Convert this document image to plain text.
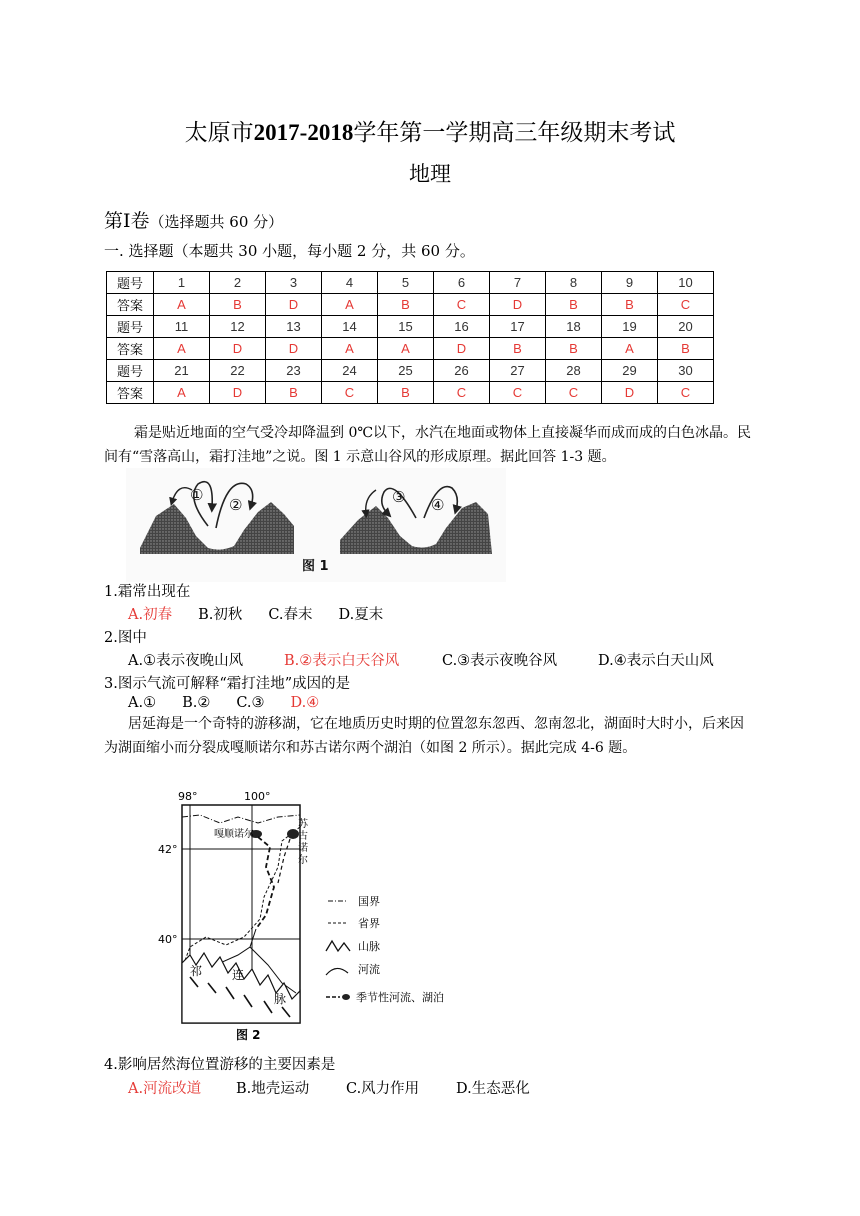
太原市2017-2018学年第一学期高三年级期末考试
地理
第Ⅰ卷（选择题共 60 分）
一. 选择题（本题共 30 小题，每小题 2 分，共 60 分。
题号	1	2	3	4	5	6	7	8	9	10
答案	A	B	D	A	B	C	D	B	B	C
题号	11	12	13	14	15	16	17	18	19	20
答案	A	D	D	A	A	D	B	B	A	B
题号	21	22	23	24	25	26	27	28	29	30
答案	A	D	B	C	B	C	C	C	D	C
霜是贴近地面的空气受冷却降温到 0℃以下，水汽在地面或物体上直接凝华而成而成的白色冰晶。民间有“雪落高山，霜打洼地”之说。图 1 示意山谷风的形成原理。据此回答 1-3 题。
①
②	③ ④
图 1
1.霜常出现在
A.初春 B.初秋 C.春末 D.夏末
2.图中
A.①表示夜晚山风	B.②表示白天谷风	C.③表示夜晚谷风	D.④表示白天山风
3.图示气流可解释“霜打洼地”成因的是
A.① B.② C.③ D.④
居延海是一个奇特的游移湖，它在地质历史时期的位置忽东忽西、忽南忽北，湖面时大时小，后来因为湖面缩小而分裂成嘎顺诺尔和苏古诺尔两个湖泊（如图 2 所示）。据此完成 4-6 题。
98°	100°
42°
40°
嘎顺诺尔
苏
古
诺
尔
祁 连
脉
国界
省界
山脉
河流
季节性河流、湖泊
图 2
4.影响居然海位置游移的主要因素是
A.河流改道 B.地壳运动	C.风力作用	D.生态恶化
